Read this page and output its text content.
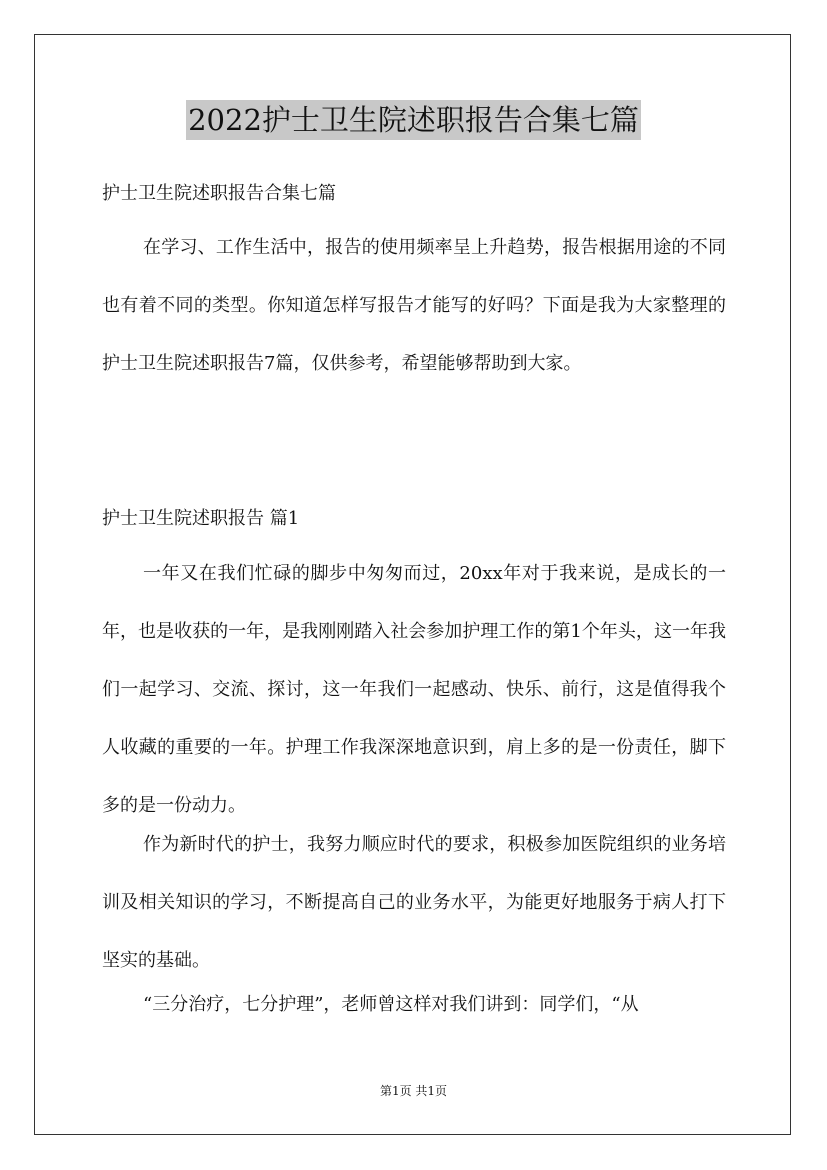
2022护士卫生院述职报告合集七篇

护士卫生院述职报告合集七篇

在学习、工作生活中，报告的使用频率呈上升趋势，报告根据用途的不同也有着不同的类型。你知道怎样写报告才能写的好吗？下面是我为大家整理的护士卫生院述职报告7篇，仅供参考，希望能够帮助到大家。

护士卫生院述职报告 篇1

一年又在我们忙碌的脚步中匆匆而过，20xx年对于我来说，是成长的一年，也是收获的一年，是我刚刚踏入社会参加护理工作的第1个年头，这一年我们一起学习、交流、探讨，这一年我们一起感动、快乐、前行，这是值得我个人收藏的重要的一年。护理工作我深深地意识到，肩上多的是一份责任，脚下多的是一份动力。

作为新时代的护士，我努力顺应时代的要求，积极参加医院组织的业务培训及相关知识的学习，不断提高自己的业务水平，为能更好地服务于病人打下坚实的基础。

“三分治疗，七分护理”，老师曾这样对我们讲到：同学们，“从

第1页 共1页
